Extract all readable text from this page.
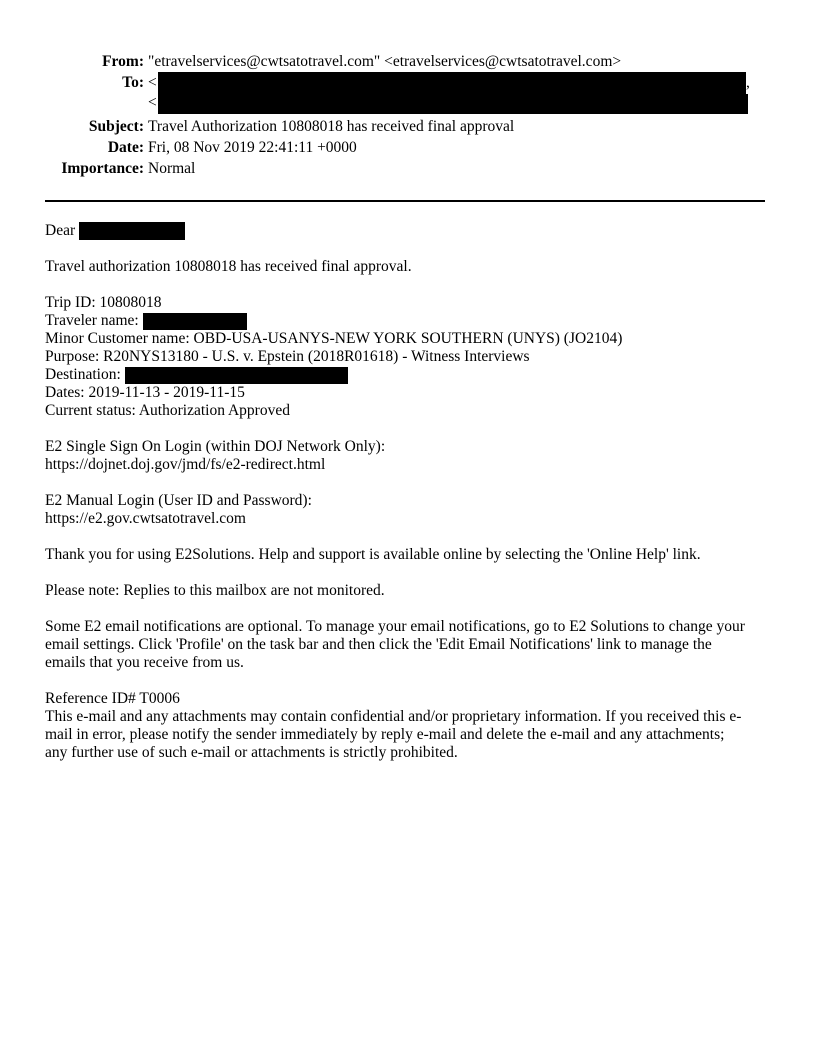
From: "etravelservices@cwtsatotravel.com" <etravelservices@cwtsatotravel.com>
To: <	,
<
Subject: Travel Authorization 10808018 has received final approval
Date: Fri, 08 Nov 2019 22:41:11 +0000
Importance: Normal
Dear
Travel authorization 10808018 has received final approval.
Trip ID: 10808018
Traveler name:
Minor Customer name: OBD-USA-USANYS-NEW YORK SOUTHERN (UNYS) (JO2104)
Purpose: R20NYS13180 - U.S. v. Epstein (2018R01618) - Witness Interviews
Destination:
Dates: 2019-11-13 - 2019-11-15
Current status: Authorization Approved
E2 Single Sign On Login (within DOJ Network Only):
https://dojnet.doj.gov/jmd/fs/e2-redirect.html
E2 Manual Login (User ID and Password):
https://e2.gov.cwtsatotravel.com
Thank you for using E2Solutions. Help and support is available online by selecting the 'Online Help' link.
Please note: Replies to this mailbox are not monitored.
Some E2 email notifications are optional. To manage your email notifications, go to E2 Solutions to change your
email settings. Click 'Profile' on the task bar and then click the 'Edit Email Notifications' link to manage the
emails that you receive from us.
Reference ID# T0006
This e-mail and any attachments may contain confidential and/or proprietary information. If you received this e-
mail in error, please notify the sender immediately by reply e-mail and delete the e-mail and any attachments;
any further use of such e-mail or attachments is strictly prohibited.
